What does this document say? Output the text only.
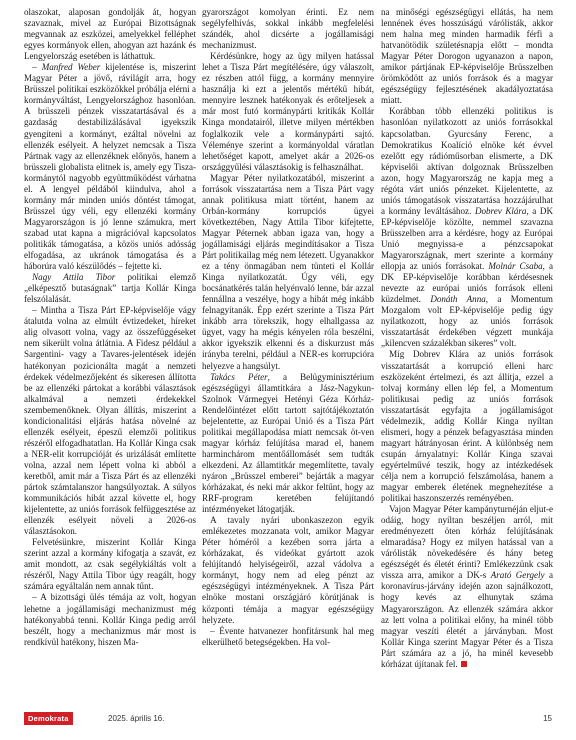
olaszokat, alaposan gondolják át, hogyan szavaznak, mivel az Európai Bizottságnak megvannak az eszközei, amelyekkel felléphet egyes kormányok ellen, ahogyan azt hazánk és Lengyelország esetében is láthattuk.

– Manfred Weber kijelentése is, miszerint Magyar Péter a jövő, rávilágít arra, hogy Brüsszel politikai eszközökkel próbálja elérni a kormányváltást, Lengyelországhoz hasonlóan. A brüsszeli pénzek visszatartásával és a gazdaság destabilizálásával igyekszik gyengíteni a kormányt, ezáltal növelni az ellenzék esélyeit. A helyzet nemcsak a Tisza Pártnak vagy az ellenzéknek előnyös, hanem a brüsszeli globalista elitnek is, amely egy Tisza-kormánytól nagyobb együttműködést várhatna el. A lengyel példából kiindulva, ahol a kormány már minden uniós döntést támogat, Brüsszel úgy véli, egy ellenzéki kormány Magyarországon is jó lenne számukra, mert szabad utat kapna a migrációval kapcsolatos politikák támogatása, a közös uniós adósság elfogadása, az ukránok támogatása és a háborúra való készülődés – fejtette ki.

Nagy Attila Tibor politikai elemző „elképesztő butaságnak” tartja Kollár Kinga felszólalását.

– Mintha a Tisza Párt EP-képviselője vágy átalutda volna az elmúlt évtizedeket, híreket alig olvasott volna, vagy az összefüggéseket nem sikerült volna átlátnia. A Fidesz például a Sargentini- vagy a Tavares-jelentések idején hatékonyan pozicionálta magát a nemzeti érdekek védelmezőjeként és sikeresen állította be az ellenzéki pártokat a korábbi választások alkalmával a nemzeti érdekekkel szembemenőknek. Olyan állítás, miszerint a kondicionalitási eljárás hatása növelné az ellenzék esélyeit, épeszű elemzői politikus részéről elfogadhatatlan. Ha Kollár Kinga csak a NER-elit korrupcióját és urizálását említette volna, azzal nem lépett volna ki abból a keretből, amit már a Tisza Párt és az ellenzéki pártok számtalanszor hangsúlyoztak. A súlyos kommunikációs hibát azzal követte el, hogy kijelentette, az uniós források felfüggesztése az ellenzék esélyeit növeli a 2026-os választásokon.

Felvetésünkre, miszerint Kollár Kinga szerint azzal a kormány kifogatja a szavát, ez amit mondott, az csak segélykiáltás volt a részéről, Nagy Attila Tibor úgy reagált, hogy számára egyáltalán nem annak tűnt.

– A bizottsági ülés témája az volt, hogyan lehetne a jogállamisági mechanizmust még hatékonyabbá tenni. Kollár Kinga pedig arról beszélt, hogy a mechanizmus már most is rendkívül hatékony, hiszen Ma-

gyarországot komolyan érinti. Ez nem segélyfelhívás, sokkal inkább megfelelési szándék, ahol dicsérte a jogállamisági mechanizmust.

Kérdésünkre, hogy az ügy milyen hatással lehet a Tisza Párt megítélésére, úgy válaszolt, ez részben attól függ, a kormány mennyire használja ki ezt a jelentős mértékű hibát, mennyire lesznek hatékonyak és erőteljesek a már most futó kormánypárti kritikák Kollár Kinga mondatairól, illetve milyen mértékben foglalkozik vele a kormánypárti sajtó. Véleménye szerint a kormányoldal váratlan lehetőséget kapott, amelyet akár a 2026-os országgyűlési választásokig is felhasználhat.

Magyar Péter nyilatkozatából, miszerint a források visszatartása nem a Tisza Párt vagy annak politikusa miatt történt, hanem az Orbán-kormány korrupciós ügyei következtében, Nagy Attila Tibor kifejtette, Magyar Péternek abban igaza van, hogy a jogállamisági eljárás megindításakor a Tisza Párt politikailag még nem létezett. Ugyanakkor ez a tény önmagában nem tünteti el Kollár Kinga nyilatkozatát. Úgy véli, egy bocsánatkérés talán helyénvaló lenne, bár azzal fennállna a veszélye, hogy a hibát még inkább felnagyítanák. Épp ezért szerinte a Tisza Párt inkább arra törekszik, hogy elhallgassa az ügyet, vagy ha mégis kényelen róla beszélni, akkor igyekszik elkenni és a diskurzust más irányba terelni, például a NER-es korrupcióra helyezve a hangsúlyt.

Takács Péter, a Belügyminisztérium egészségügyi államtitkára a Jász-Nagykun-Szolnok Vármegyei Hetényi Géza Kórház-Rendelőintézet előtt tartott sajtótájékoztatón bejelentette, az Európai Unió és a Tisza Párt politikai megállapodása miatt nemcsak öt-ven magyar kórház felújítása marad el, hanem harminchárom mentőállomásét sem tudták elkezdeni. Az államtitkár megemlítette, tavaly nyáron „Brüsszel emberei” bejárták a magyar kórházakat, és neki már akkor feltűnt, hogy az RRF-program keretében felújítandó intézményeket látogatják.

A tavaly nyári ubonkaszezon egyik emlékezetes mozzanata volt, amikor Magyar Péter hóméról a kezében sorra járta a kórházakat, és videókat gyártott azok felújítandó helyiségeiről, azzal vádolva a kormányt, hogy nem ad eleg pénzt az egészségügyi intézményeknek. A Tisza Párt elnöke mostani országjáró körútjának is központi témája a magyar egészségügy helyzete.

– Évente hatvanezer honfitársunk hal meg elkerülhető betegségekben. Ha vol-

na minőségi egészségügyi ellátás, ha nem lennének éves hosszúságú várólisták, akkor nem halna meg minden harmadik férfi a hatvanötödik születésnapja előtt – mondta Magyar Péter Dorogon ugyanazon a napon, amikor pártjának EP-képviselője Brüsszelben örömködött az uniós források és a magyar egészségügy fejlesztésének akadályoztatása miatt.

Korábban több ellenzéki politikus is hasonlóan nyilatkozott az uniós forrásokkal kapcsolatban. Gyurcsány Ferenc, a Demokratikus Koalíció elnöke két évvel ezelőtt egy rádióműsorban elismerte, a DK képviselői aktívan dolgoznak Brüsszelben azon, hogy Magyarország ne kapja meg a régóta várt uniós pénzeket. Kijelentette, az uniós támogatások visszatartása hozzájárulhat a kormány leváltásához. Dobrev Klára, a DK EP-képviselője közölte, nemmel szavazna Brüsszelben arra a kérdésre, hogy az Európai Unió megnyissa-e a pénzcsapokat Magyarországnak, mert szerinte a kormány ellopja az uniós forrásokat. Molnár Csaba, a DK EP-képviselője korábban kérdésesnek nevezte az európai uniós források elleni küzdelmet. Donáth Anna, a Momentum Mozgalom volt EP-képviselője pedig úgy nyilatkozott, hogy az uniós források visszatartását érdekében végzett munkája „kilencven százalékban sikeres” volt.

Míg Dobrev Klára az uniós források visszatartását a korrupció elleni harc eszközeként értelmezi, és azt állítja, ezzel a tolvaj kormány ellen lép fel, a Momentum politikusai pedig az uniós források visszatartását egyfajta a jogállamiságot védelmezik, addig Kollár Kinga nyíltan elismeri, hogy a pénzek befagyasztása minden magyart hátrányosan érint. A különbség nem csupán árnyalatnyi: Kollár Kinga szavai egyértelművé teszik, hogy az intézkedések célja nem a korrupció felszámolása, hanem a magyar emberek életének megnehezítése a politikai haszonszerzés reményében.

Vajon Magyar Péter kampányturnéján eljut-e odáig, hogy nyíltan beszéljen arról, mit eredményezett öten kórház felújításának elmaradása? Hogy ez milyen hatással van a várólisták növekedésére és hány beteg egészségét és életét érinti? Emlékezzünk csak vissza arra, amikor a DK-s Arató Gergely a koronavírus-járvány idején azon sajnálkozott, hogy kevés az elhunytak száma Magyarországon. Az ellenzék számára akkor az lett volna a politikai előny, ha minél több magyar veszíti életét a járványban. Most Kollár Kinga szerint Magyar Péter és a Tisza Párt számára az a jó, ha minél kevesebb kórházat újítanak fel.

Demokrata	2025. április 16.	15
